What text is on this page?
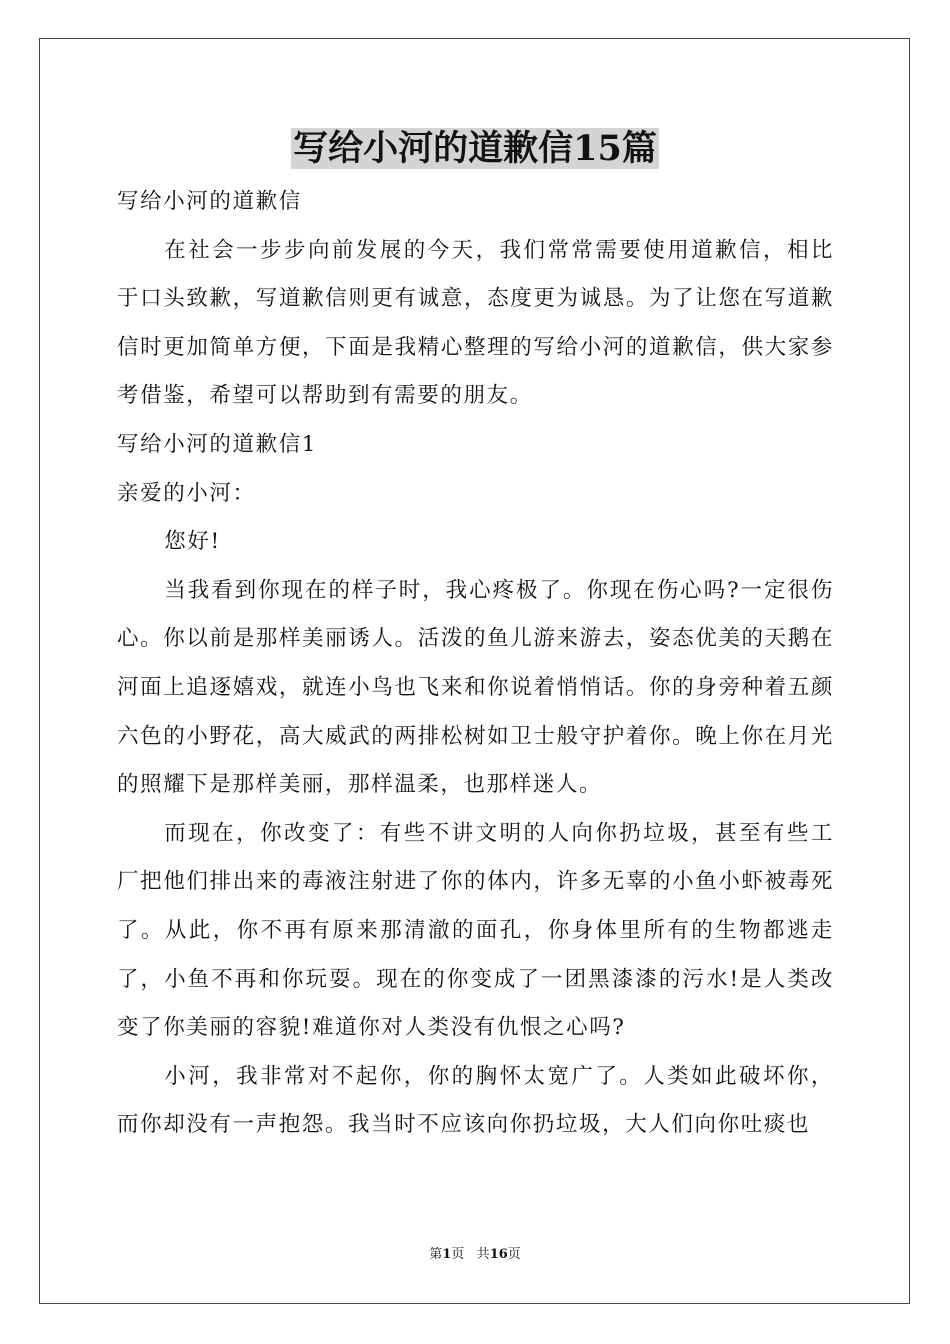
写给小河的道歉信15篇

写给小河的道歉信

在社会一步步向前发展的今天，我们常常需要使用道歉信，相比于口头致歉，写道歉信则更有诚意，态度更为诚恳。为了让您在写道歉信时更加简单方便，下面是我精心整理的写给小河的道歉信，供大家参考借鉴，希望可以帮助到有需要的朋友。

写给小河的道歉信1

亲爱的小河：

您好!

当我看到你现在的样子时，我心疼极了。你现在伤心吗?一定很伤心。你以前是那样美丽诱人。活泼的鱼儿游来游去，姿态优美的天鹅在河面上追逐嬉戏，就连小鸟也飞来和你说着悄悄话。你的身旁种着五颜六色的小野花，高大威武的两排松树如卫士般守护着你。晚上你在月光的照耀下是那样美丽，那样温柔，也那样迷人。

而现在，你改变了：有些不讲文明的人向你扔垃圾，甚至有些工厂把他们排出来的毒液注射进了你的体内，许多无辜的小鱼小虾被毒死了。从此，你不再有原来那清澈的面孔，你身体里所有的生物都逃走了，小鱼不再和你玩耍。现在的你变成了一团黑漆漆的污水!是人类改变了你美丽的容貌!难道你对人类没有仇恨之心吗?

小河，我非常对不起你，你的胸怀太宽广了。人类如此破坏你，而你却没有一声抱怨。我当时不应该向你扔垃圾，大人们向你吐痰也

第1页 共16页
